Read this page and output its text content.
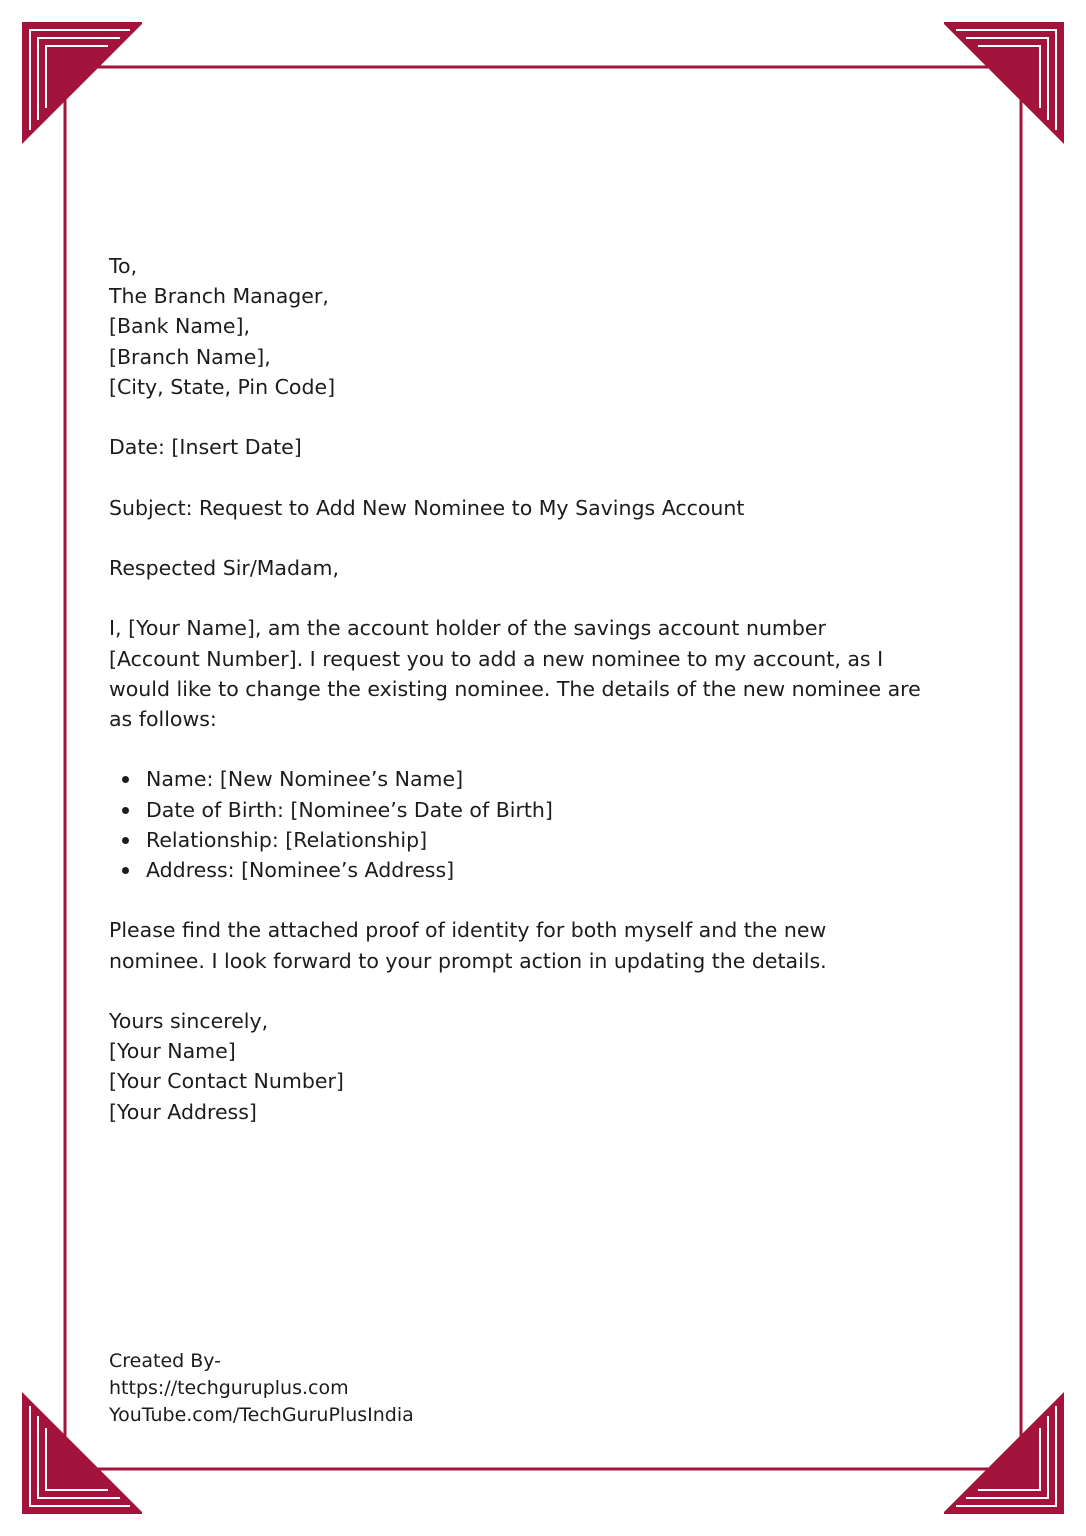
To,
The Branch Manager,
[Bank Name],
[Branch Name],
[City, State, Pin Code]
Date: [Insert Date]
Subject: Request to Add New Nominee to My Savings Account
Respected Sir/Madam,
I, [Your Name], am the account holder of the savings account number
[Account Number]. I request you to add a new nominee to my account, as I
would like to change the existing nominee. The details of the new nominee are
as follows:
Name: [New Nominee’s Name]
Date of Birth: [Nominee’s Date of Birth]
Relationship: [Relationship]
Address: [Nominee’s Address]
Please find the attached proof of identity for both myself and the new
nominee. I look forward to your prompt action in updating the details.
Yours sincerely,
[Your Name]
[Your Contact Number]
[Your Address]
Created By-
https://techguruplus.com
YouTube.com/TechGuruPlusIndia
